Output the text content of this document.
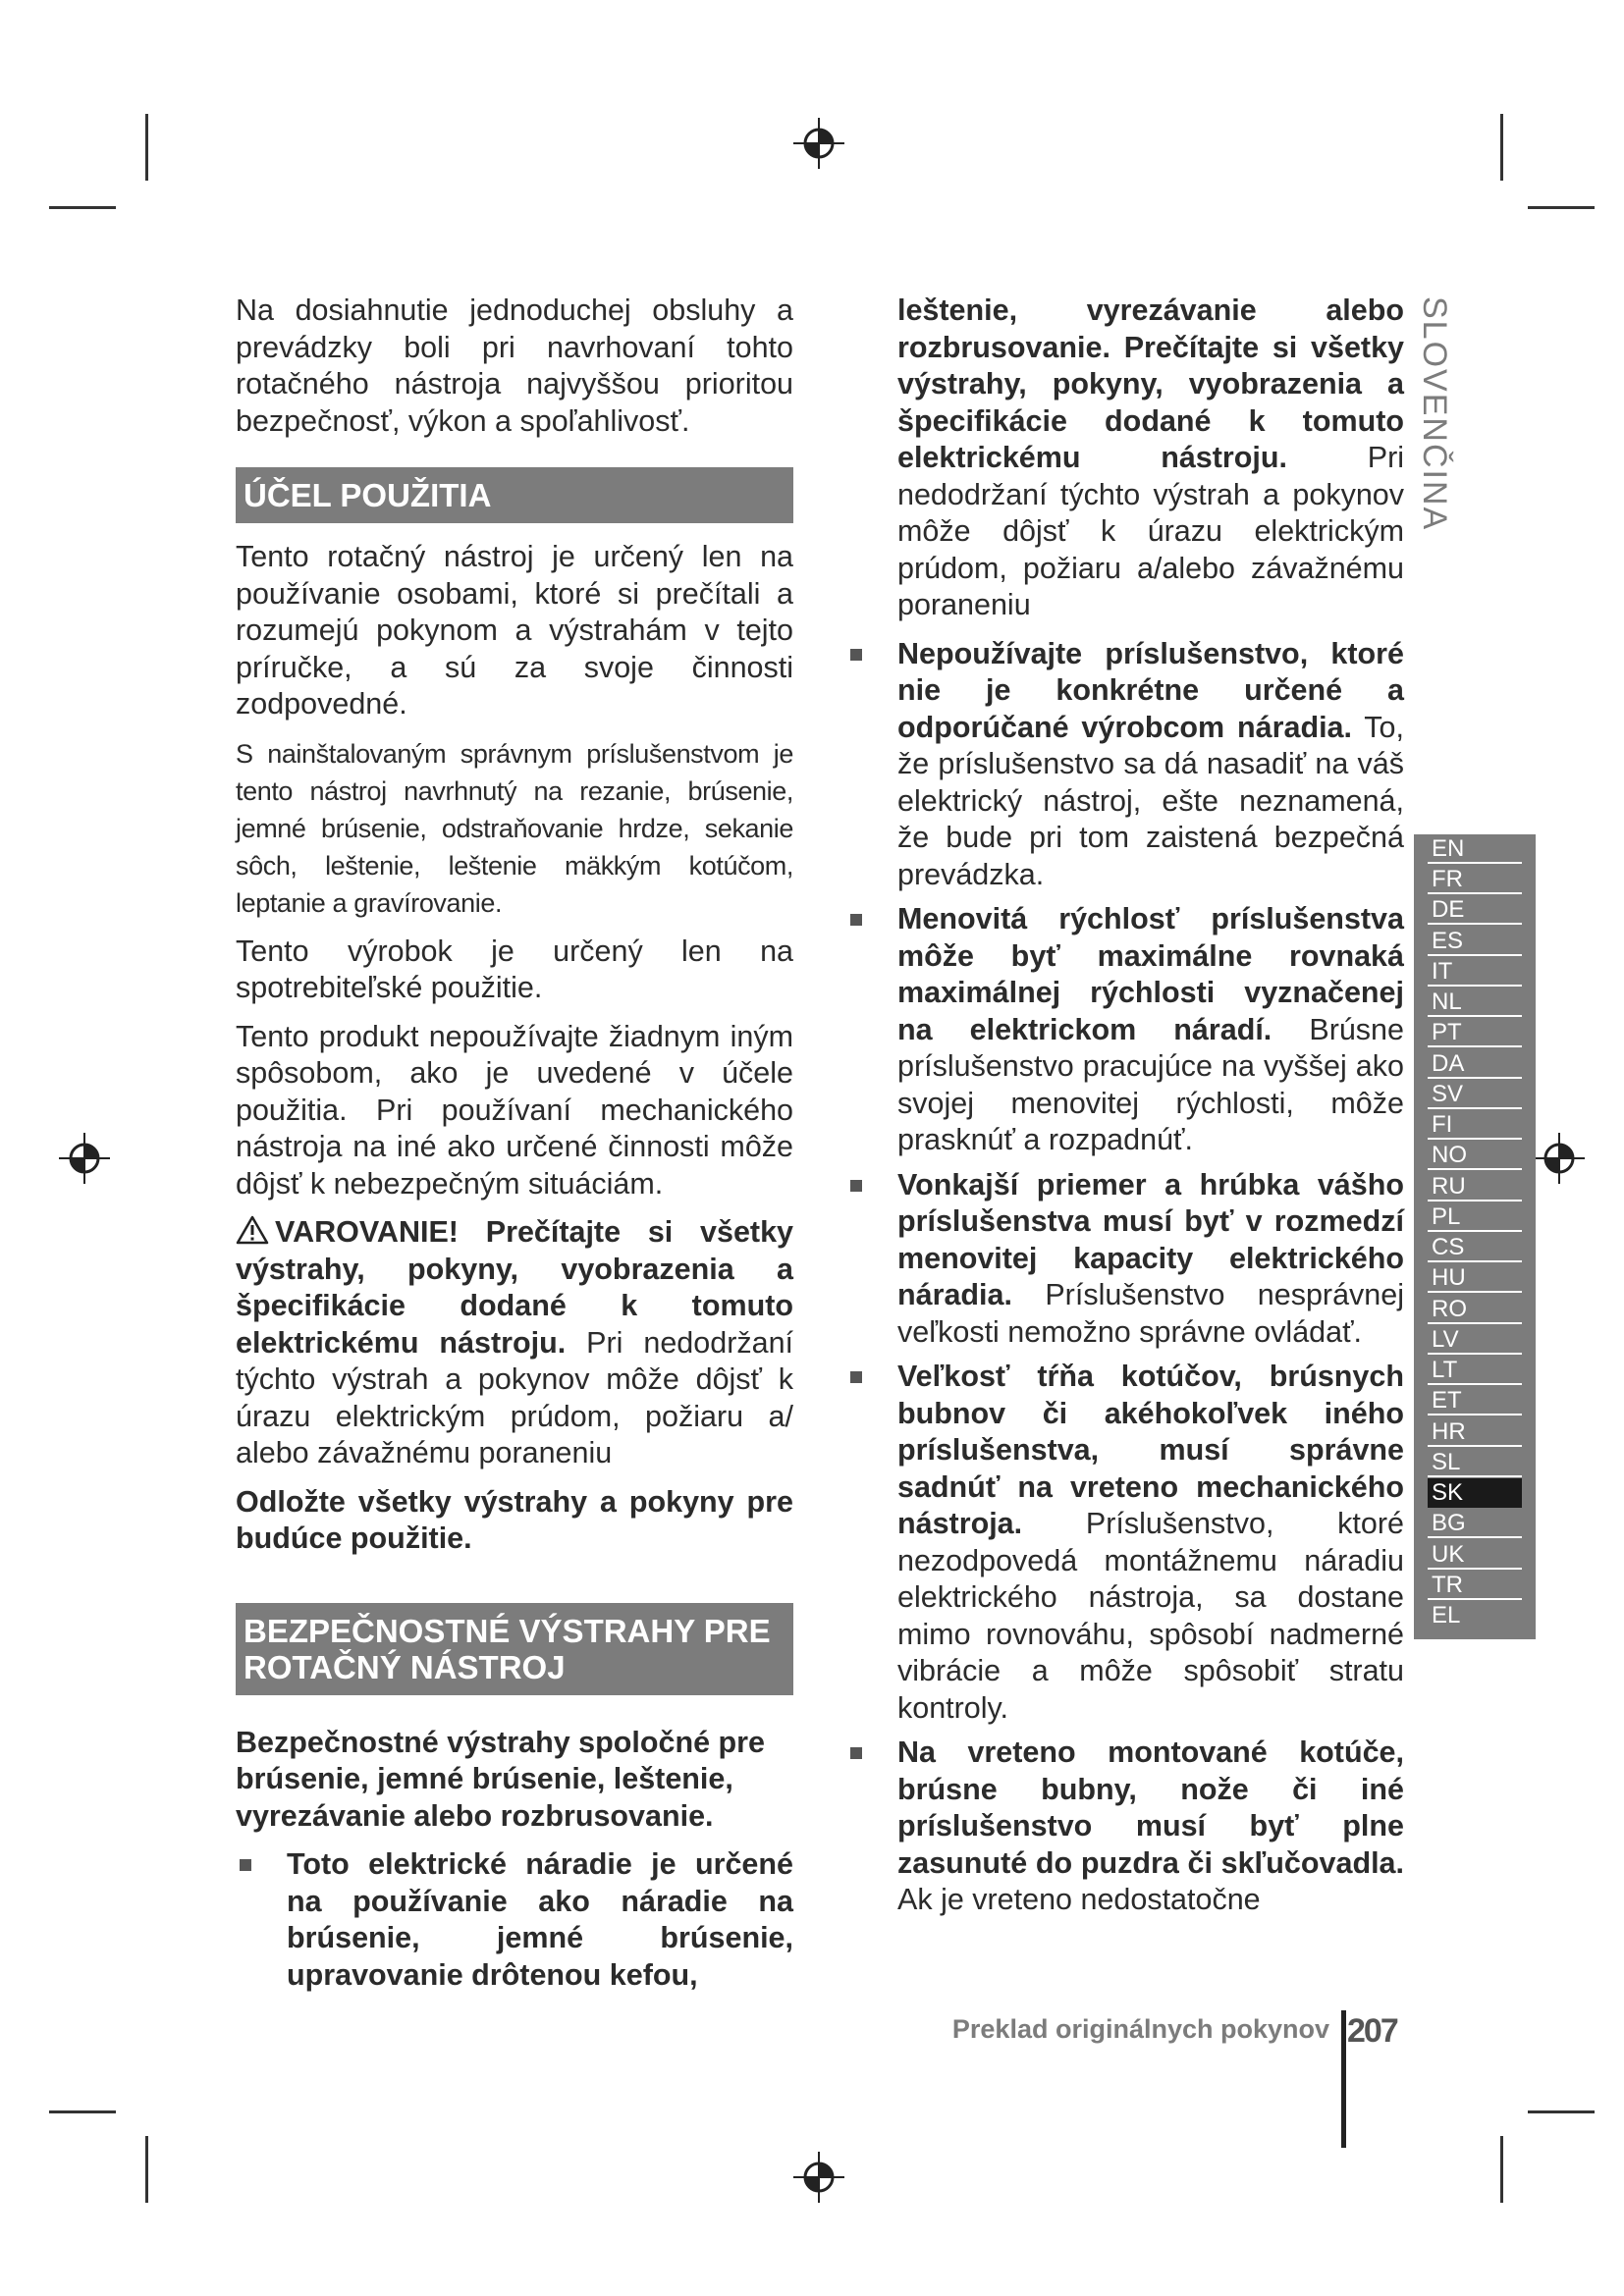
Na dosiahnutie jednoduchej obsluhy a prevádzky boli pri navrhovaní tohto rotačného nástroja najvyššou prioritou bezpečnosť, výkon a spoľahlivosť.

ÚČEL POUŽITIA

Tento rotačný nástroj je určený len na používanie osobami, ktoré si prečítali a rozumejú pokynom a výstrahám v tejto príručke, a sú za svoje činnosti zodpovedné.

S nainštalovaným správnym príslušenstvom je tento nástroj navrhnutý na rezanie, brúsenie, jemné brúsenie, odstraňovanie hrdze, sekanie sôch, leštenie, leštenie mäkkým kotúčom, leptanie a gravírovanie.

Tento výrobok je určený len na spotrebiteľské použitie.

Tento produkt nepoužívajte žiadnym iným spôsobom, ako je uvedené v účele použitia. Pri používaní mechanického nástroja na iné ako určené činnosti môže dôjsť k nebezpečným situáciám.

VAROVANIE! Prečítajte si všetky výstrahy, pokyny, vyobrazenia a špecifikácie dodané k tomuto elektrickému nástroju. Pri nedodržaní týchto výstrah a pokynov môže dôjsť k úrazu elektrickým prúdom, požiaru a/ alebo závažnému poraneniu

Odložte všetky výstrahy a pokyny pre budúce použitie.

BEZPEČNOSTNÉ VÝSTRAHY PRE ROTAČNÝ NÁSTROJ

Bezpečnostné výstrahy spoločné pre brúsenie, jemné brúsenie, leštenie, vyrezávanie alebo rozbrusovanie.

Toto elektrické náradie je určené na používanie ako náradie na brúsenie, jemné brúsenie, upravovanie drôtenou kefou,

leštenie, vyrezávanie alebo rozbrusovanie. Prečítajte si všetky výstrahy, pokyny, vyobrazenia a špecifikácie dodané k tomuto elektrickému nástroju. Pri nedodržaní týchto výstrah a pokynov môže dôjsť k úrazu elektrickým prúdom, požiaru a/alebo závažnému poraneniu

Nepoužívajte príslušenstvo, ktoré nie je konkrétne určené a odporúčané výrobcom náradia. To, že príslušenstvo sa dá nasadiť na váš elektrický nástroj, ešte neznamená, že bude pri tom zaistená bezpečná prevádzka.
Menovitá rýchlosť príslušenstva môže byť maximálne rovnaká maximálnej rýchlosti vyznačenej na elektrickom náradí. Brúsne príslušenstvo pracujúce na vyššej ako svojej menovitej rýchlosti, môže prasknúť a rozpadnúť.
Vonkajší priemer a hrúbka vášho príslušenstva musí byť v rozmedzí menovitej kapacity elektrického náradia. Príslušenstvo nesprávnej veľkosti nemožno správne ovládať.
Veľkosť tŕňa kotúčov, brúsnych bubnov či akéhokoľvek iného príslušenstva, musí správne sadnúť na vreteno mechanického nástroja. Príslušenstvo, ktoré nezodpovedá montážnemu náradiu elektrického nástroja, sa dostane mimo rovnováhu, spôsobí nadmerné vibrácie a môže spôsobiť stratu kontroly.
Na vreteno montované kotúče, brúsne bubny, nože či iné príslušenstvo musí byť plne zasunuté do puzdra či skľučovadla. Ak je vreteno nedostatočne
SLOVENČINA
EN
FR
DE
ES
IT
NL
PT
DA
SV
FI
NO
RU
PL
CS
HU
RO
LV
LT
ET
HR
SL
SK
BG
UK
TR
EL
Preklad originálnych pokynov 207
